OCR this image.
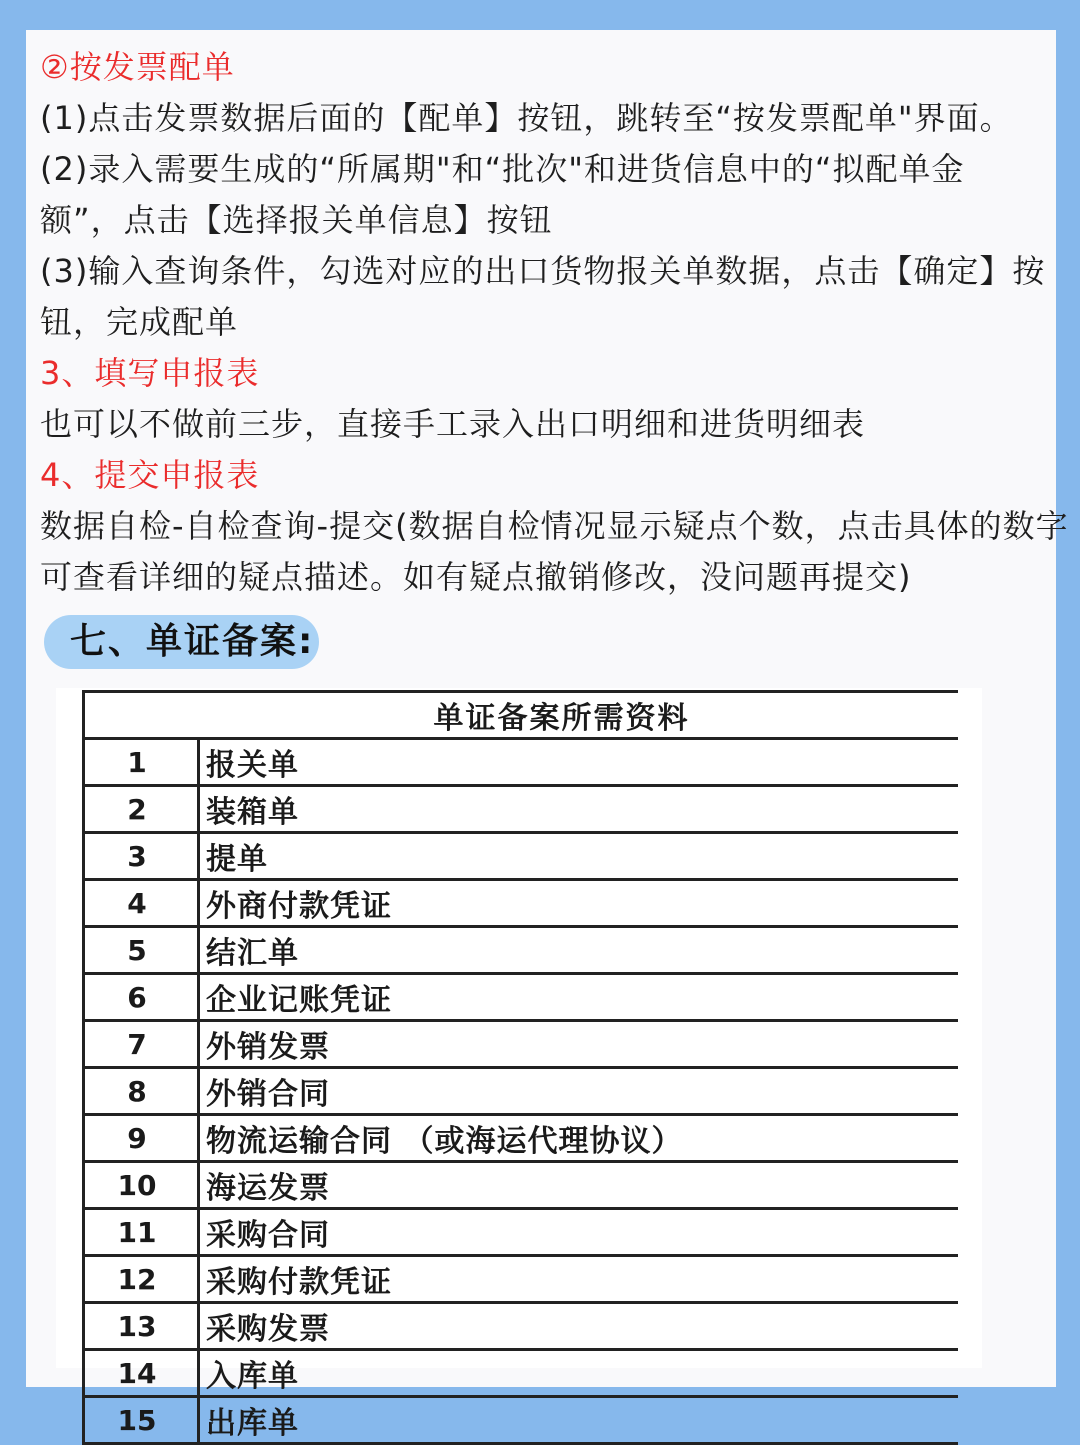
②按发票配单
(1)点击发票数据后面的【配单】按钮，跳转至“按发票配单"界面。
(2)录入需要生成的“所属期"和“批次"和进货信息中的“拟配单金
额”，点击【选择报关单信息】按钮
(3)输入查询条件，勾选对应的出口货物报关单数据，点击【确定】按
钮，完成配单
3、填写申报表
也可以不做前三步，直接手工录入出口明细和进货明细表
4、提交申报表
数据自检-自检查询-提交(数据自检情况显示疑点个数，点击具体的数字
可查看详细的疑点描述。如有疑点撤销修改，没问题再提交)
七、单证备案:
单证备案所需资料	
1	报关单
2	装箱单
3	提单
4	外商付款凭证
5	结汇单
6	企业记账凭证
7	外销发票
8	外销合同
9	物流运输合同 （或海运代理协议）
10	海运发票
11	采购合同
12	采购付款凭证
13	采购发票
14	入库单
15	出库单
